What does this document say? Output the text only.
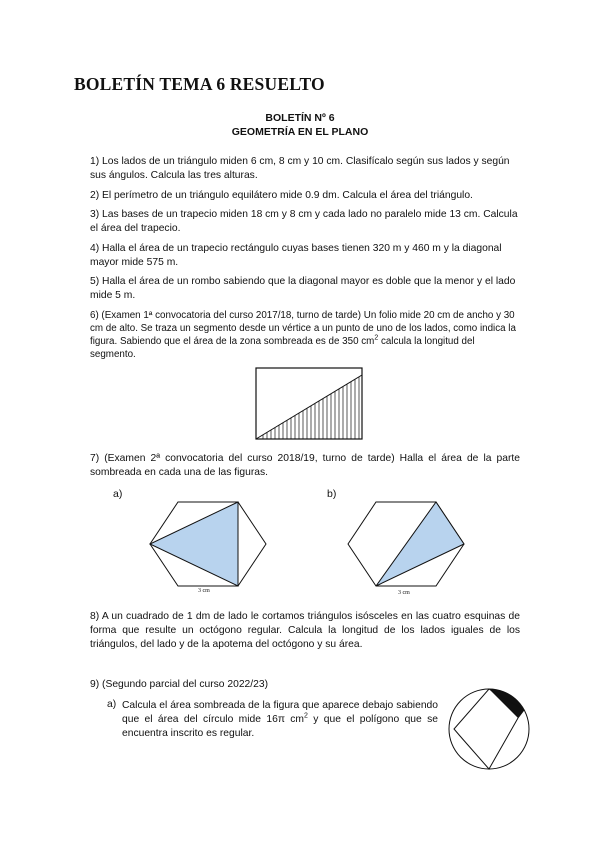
BOLETÍN TEMA 6 RESUELTO
BOLETÍN Nº 6
GEOMETRÍA EN EL PLANO
1) Los lados de un triángulo miden 6 cm, 8 cm y 10 cm. Clasifícalo según sus lados y según sus ángulos. Calcula las tres alturas.
2) El perímetro de un triángulo equilátero mide 0.9 dm. Calcula el área del triángulo.
3) Las bases de un trapecio miden 18 cm y 8 cm y cada lado no paralelo mide 13 cm. Calcula el área del trapecio.
4) Halla el área de un trapecio rectángulo cuyas bases tienen 320 m y 460 m y la diagonal mayor mide 575 m.
5) Halla el área de un rombo sabiendo que la diagonal mayor es doble que la menor y el lado mide 5 m.
6) (Examen 1ª convocatoria del curso 2017/18, turno de tarde) Un folio mide 20 cm de ancho y 30 cm de alto. Se traza un segmento desde un vértice a un punto de uno de los lados, como indica la figura. Sabiendo que el área de la zona sombreada es de 350 $cm^2$ calcula la longitud del segmento.
7) (Examen 2ª convocatoria del curso 2018/19, turno de tarde) Halla el área de la parte sombreada en cada una de las figuras.
a)	b)
3 cm	3 cm
8) A un cuadrado de 1 dm de lado le cortamos triángulos isósceles en las cuatro esquinas de forma que resulte un octógono regular. Calcula la longitud de los lados iguales de los triángulos, del lado y de la apotema del octógono y su área.
9) (Segundo parcial del curso 2022/23)
a) Calcula el área sombreada de la figura que aparece debajo sabiendo que el área del círculo mide 16π $cm^2$ y que el polígono que se encuentra inscrito es regular.
